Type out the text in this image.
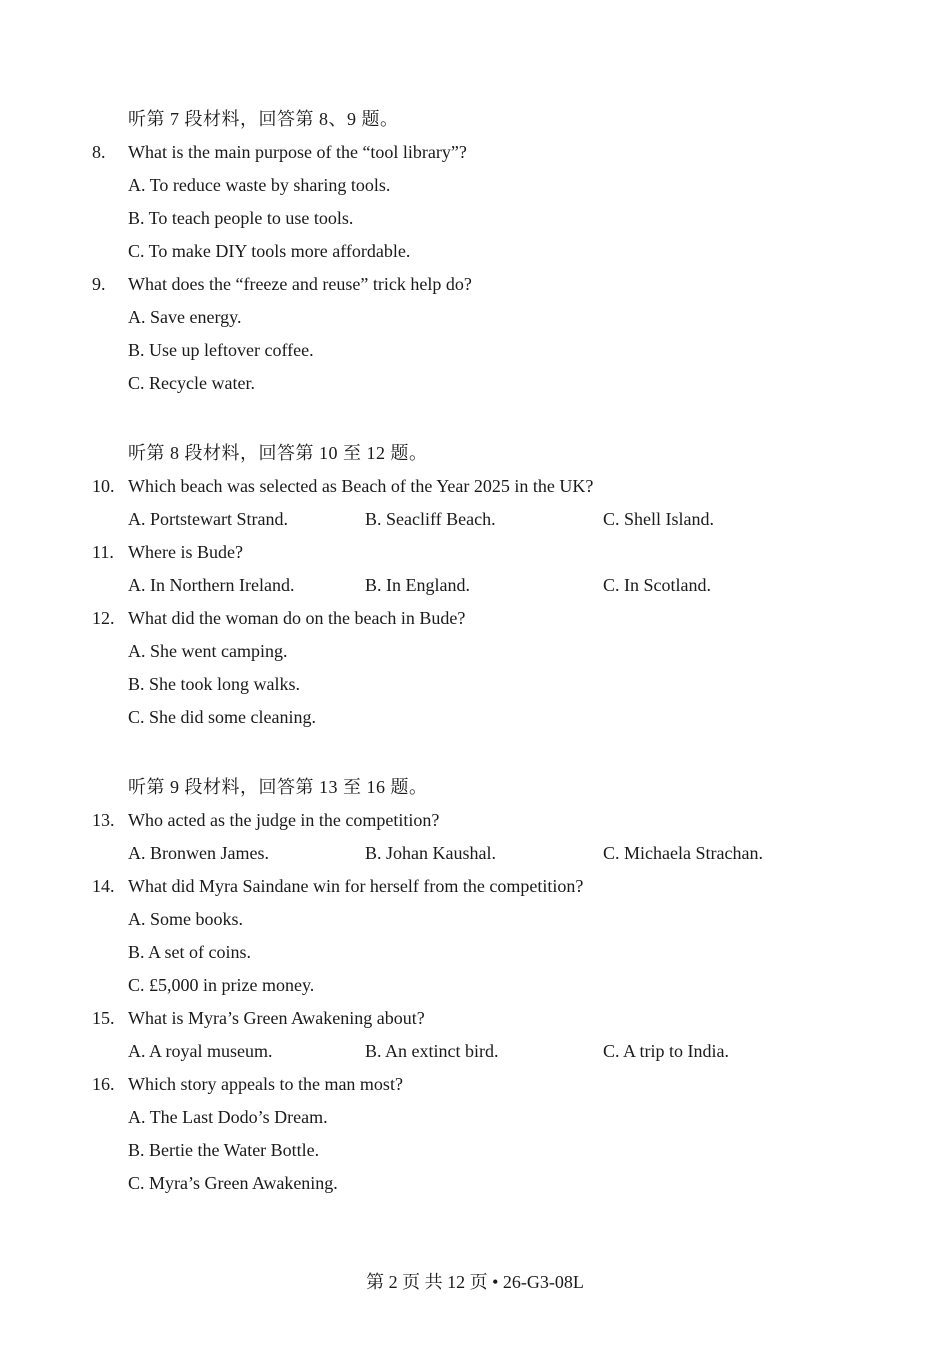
听第 7 段材料，回答第 8、9 题。
8. What is the main purpose of the “tool library”?
A. To reduce waste by sharing tools.
B. To teach people to use tools.
C. To make DIY tools more affordable.
9. What does the “freeze and reuse” trick help do?
A. Save energy.
B. Use up leftover coffee.
C. Recycle water.
听第 8 段材料，回答第 10 至 12 题。
10. Which beach was selected as Beach of the Year 2025 in the UK?
A. Portstewart Strand.	B. Seacliff Beach.	C. Shell Island.
11. Where is Bude?
A. In Northern Ireland.	B. In England.	C. In Scotland.
12. What did the woman do on the beach in Bude?
A. She went camping.
B. She took long walks.
C. She did some cleaning.
听第 9 段材料，回答第 13 至 16 题。
13. Who acted as the judge in the competition?
A. Bronwen James.	B. Johan Kaushal.	C. Michaela Strachan.
14. What did Myra Saindane win for herself from the competition?
A. Some books.
B. A set of coins.
C. £5,000 in prize money.
15. What is Myra’s Green Awakening about?
A. A royal museum.	B. An extinct bird.	C. A trip to India.
16. Which story appeals to the man most?
A. The Last Dodo’s Dream.
B. Bertie the Water Bottle.
C. Myra’s Green Awakening.
第 2 页 共 12 页 • 26-G3-08L
